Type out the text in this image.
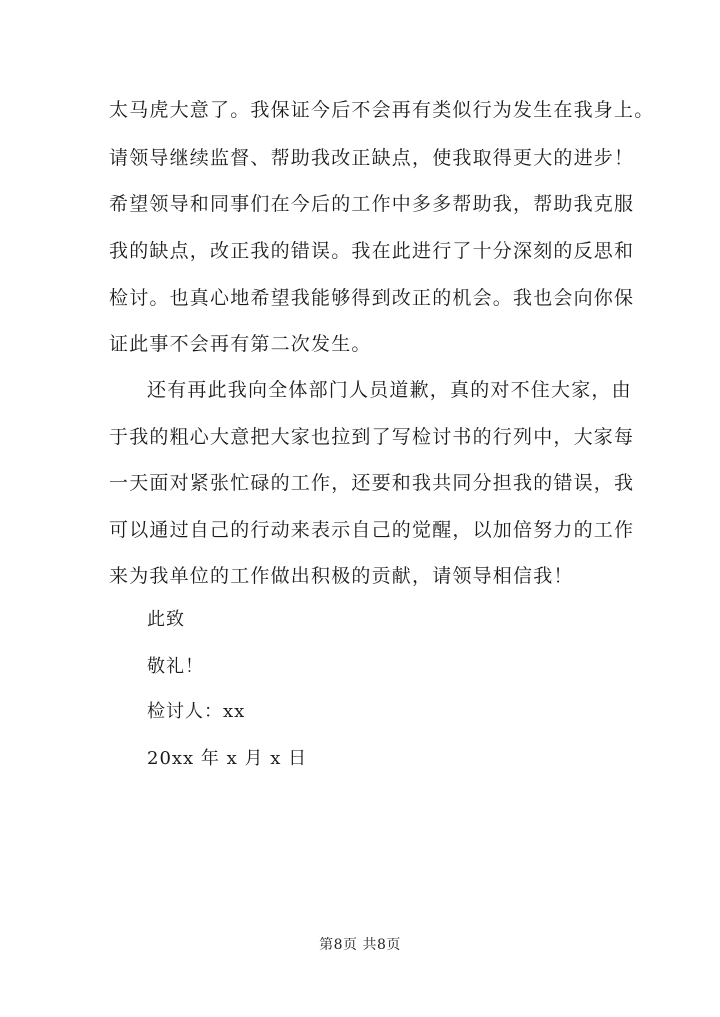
太马虎大意了。我保证今后不会再有类似行为发生在我身上。
请领导继续监督、帮助我改正缺点，使我取得更大的进步！
希望领导和同事们在今后的工作中多多帮助我，帮助我克服
我的缺点，改正我的错误。我在此进行了十分深刻的反思和
检讨。也真心地希望我能够得到改正的机会。我也会向你保
证此事不会再有第二次发生。
还有再此我向全体部门人员道歉，真的对不住大家，由
于我的粗心大意把大家也拉到了写检讨书的行列中，大家每
一天面对紧张忙碌的工作，还要和我共同分担我的错误，我
可以通过自己的行动来表示自己的觉醒，以加倍努力的工作
来为我单位的工作做出积极的贡献，请领导相信我！
此致
敬礼！
检讨人：xx
20xx 年 x 月 x 日
第8页 共8页
